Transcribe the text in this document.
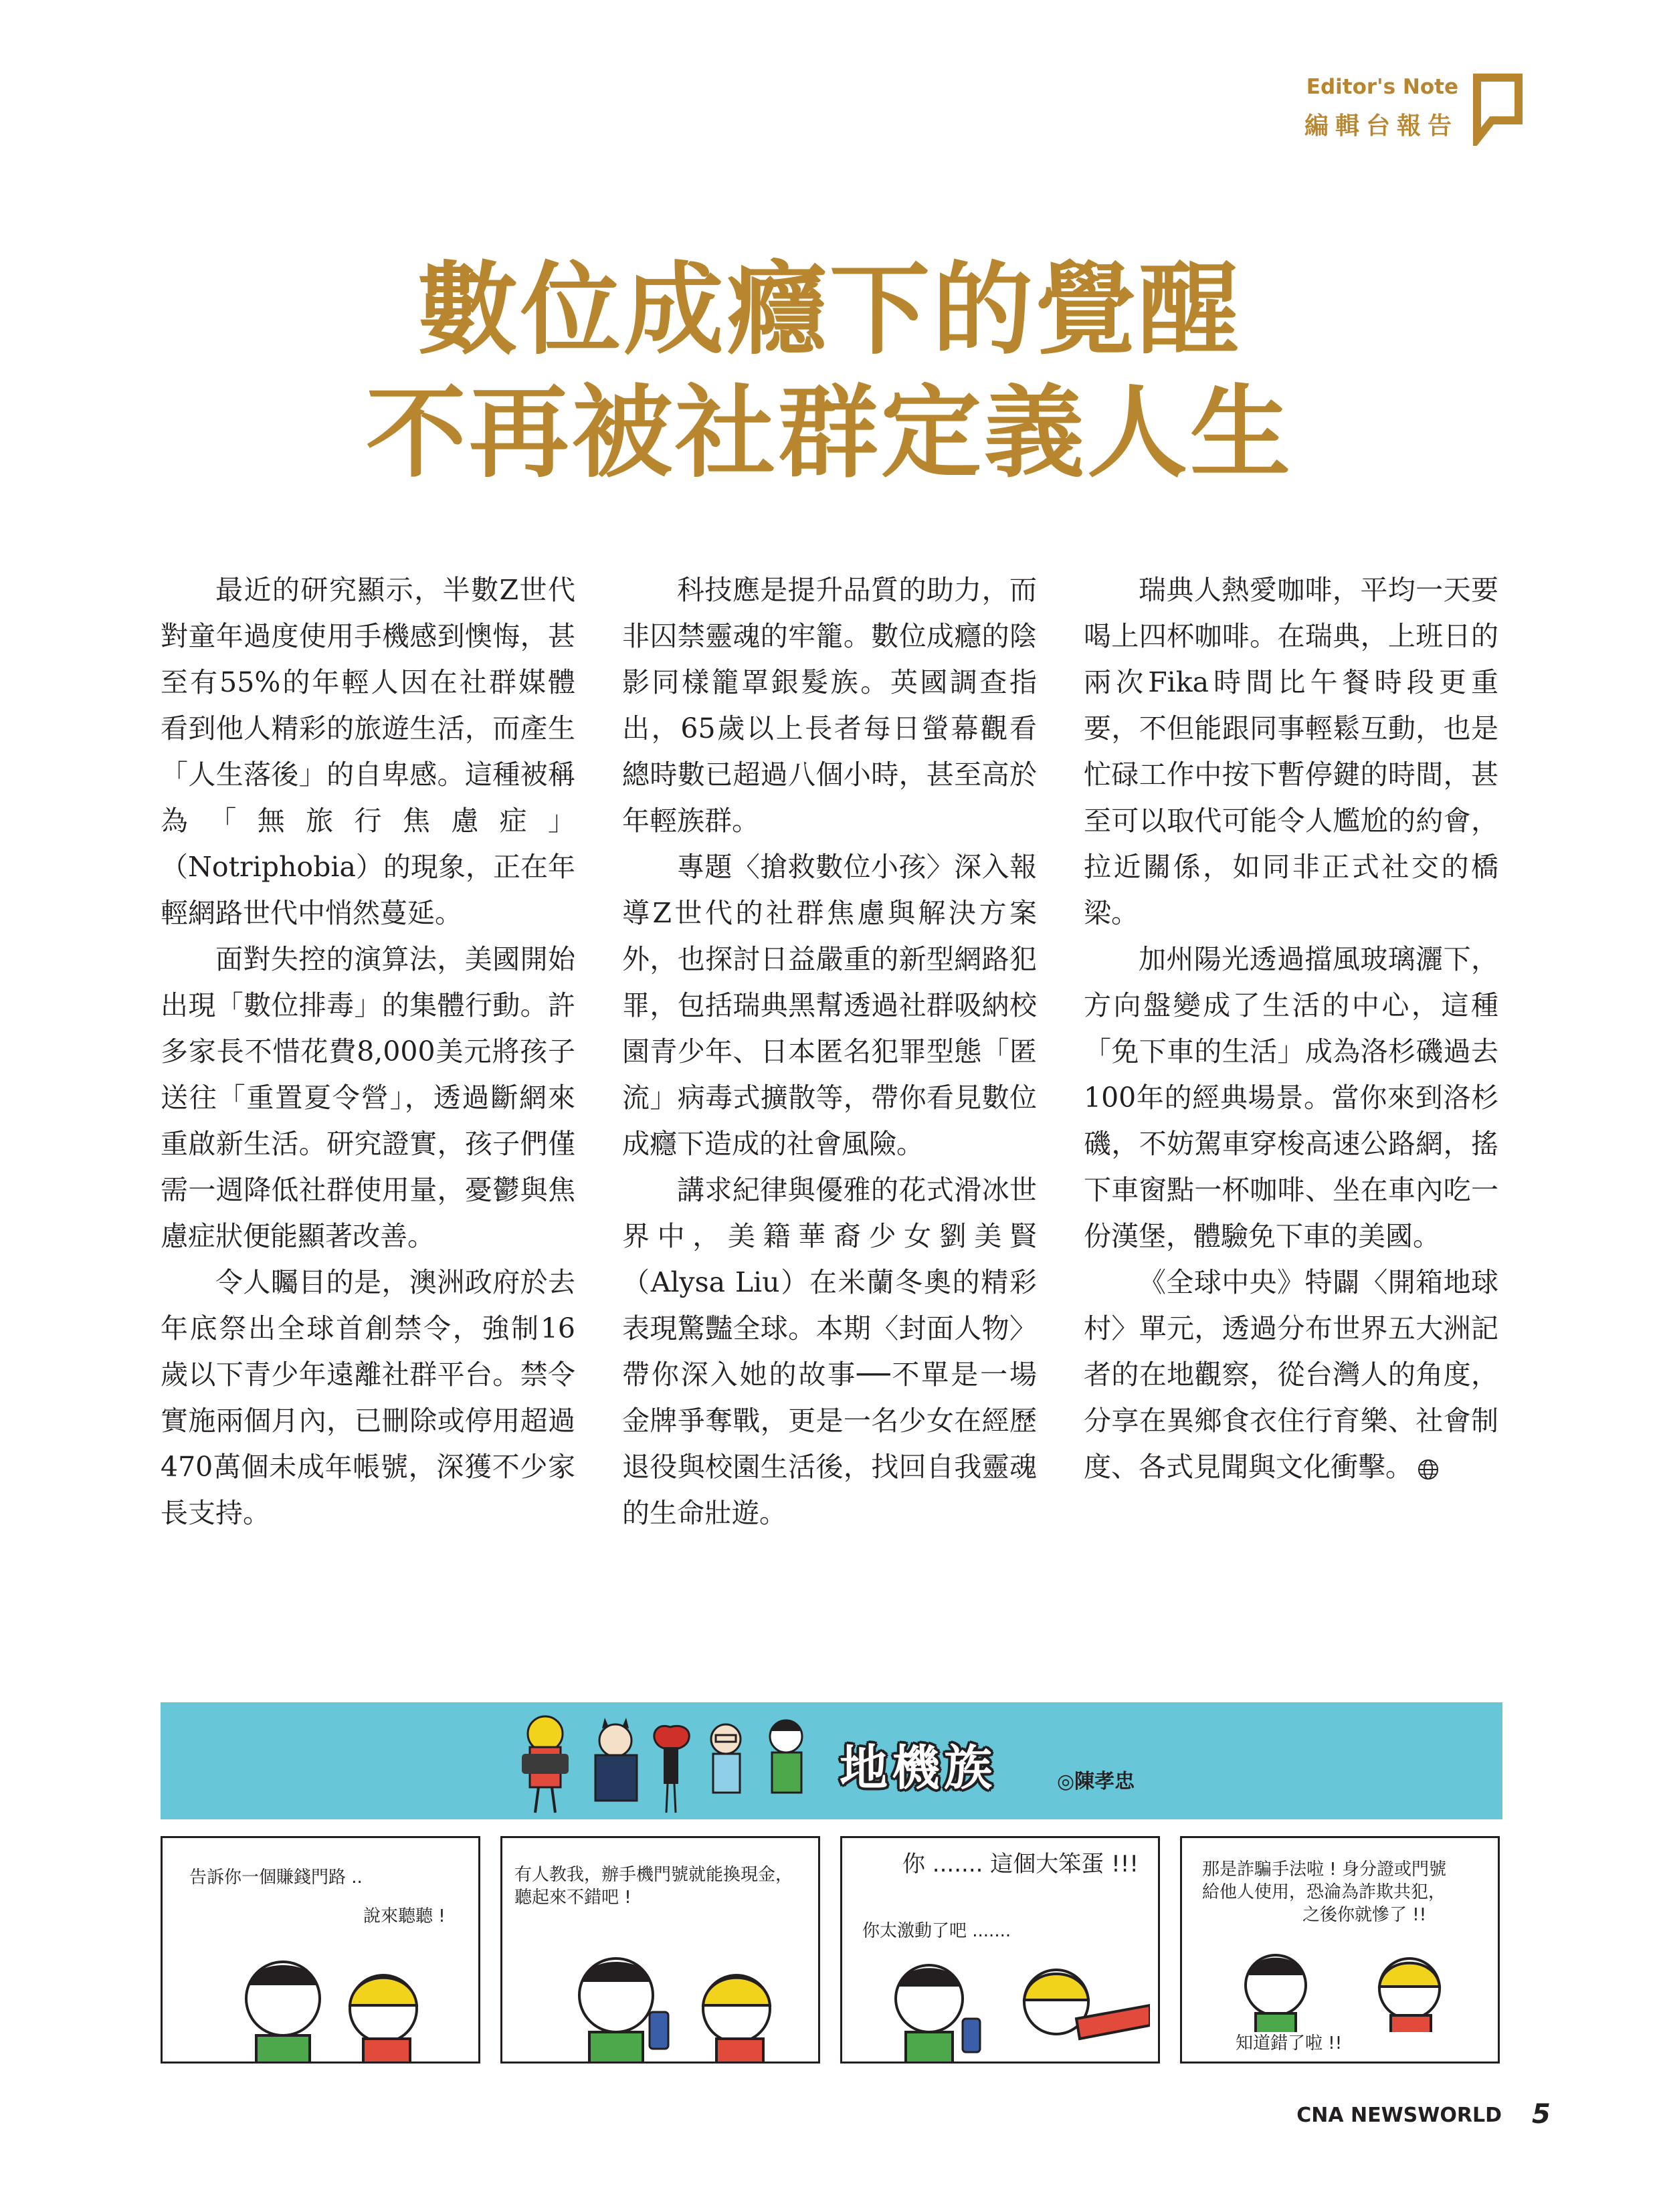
Editor's Note
編輯台報告
數位成癮下的覺醒
不再被社群定義人生

最近的研究顯示，半數Z世代對童年過度使用手機感到懊悔，甚至有55%的年輕人因在社群媒體看到他人精彩的旅遊生活，而產生「人生落後」的自卑感。這種被稱為「無旅行焦慮症」（Notriphobia）的現象，正在年輕網路世代中悄然蔓延。

面對失控的演算法，美國開始出現「數位排毒」的集體行動。許多家長不惜花費8,000美元將孩子送往「重置夏令營」，透過斷網來重啟新生活。研究證實，孩子們僅需一週降低社群使用量，憂鬱與焦慮症狀便能顯著改善。

令人矚目的是，澳洲政府於去年底祭出全球首創禁令，強制16歲以下青少年遠離社群平台。禁令實施兩個月內，已刪除或停用超過470萬個未成年帳號，深獲不少家長支持。

科技應是提升品質的助力，而非囚禁靈魂的牢籠。數位成癮的陰影同樣籠罩銀髮族。英國調查指出，65歲以上長者每日螢幕觀看總時數已超過八個小時，甚至高於年輕族群。

專題〈搶救數位小孩〉深入報導Z世代的社群焦慮與解決方案外，也探討日益嚴重的新型網路犯罪，包括瑞典黑幫透過社群吸納校園青少年、日本匿名犯罪型態「匿流」病毒式擴散等，帶你看見數位成癮下造成的社會風險。

講求紀律與優雅的花式滑冰世界中，美籍華裔少女劉美賢（Alysa Liu）在米蘭冬奧的精彩表現驚豔全球。本期〈封面人物〉帶你深入她的故事──不單是一場金牌爭奪戰，更是一名少女在經歷退役與校園生活後，找回自我靈魂的生命壯遊。

瑞典人熱愛咖啡，平均一天要喝上四杯咖啡。在瑞典，上班日的兩次Fika時間比午餐時段更重要，不但能跟同事輕鬆互動，也是忙碌工作中按下暫停鍵的時間，甚至可以取代可能令人尷尬的約會，拉近關係，如同非正式社交的橋梁。

加州陽光透過擋風玻璃灑下，方向盤變成了生活的中心，這種「免下車的生活」成為洛杉磯過去100年的經典場景。當你來到洛杉磯，不妨駕車穿梭高速公路網，搖下車窗點一杯咖啡、坐在車內吃一份漢堡，體驗免下車的美國。

《全球中央》特闢〈開箱地球村〉單元，透過分布世界五大洲記者的在地觀察，從台灣人的角度，分享在異鄉食衣住行育樂、社會制度、各式見聞與文化衝擊。

地機族	◎陳孝忠
告訴你一個賺錢門路 ..
說來聽聽 !
有人教我，辦手機門號就能換現金，
聽起來不錯吧 !
你 ....... 這個大笨蛋 !!!
你太激動了吧 .......
那是詐騙手法啦 ! 身分證或門號
給他人使用，恐淪為詐欺共犯，
之後你就慘了 !!
知道錯了啦 !!
CNA NEWSWORLD 5
